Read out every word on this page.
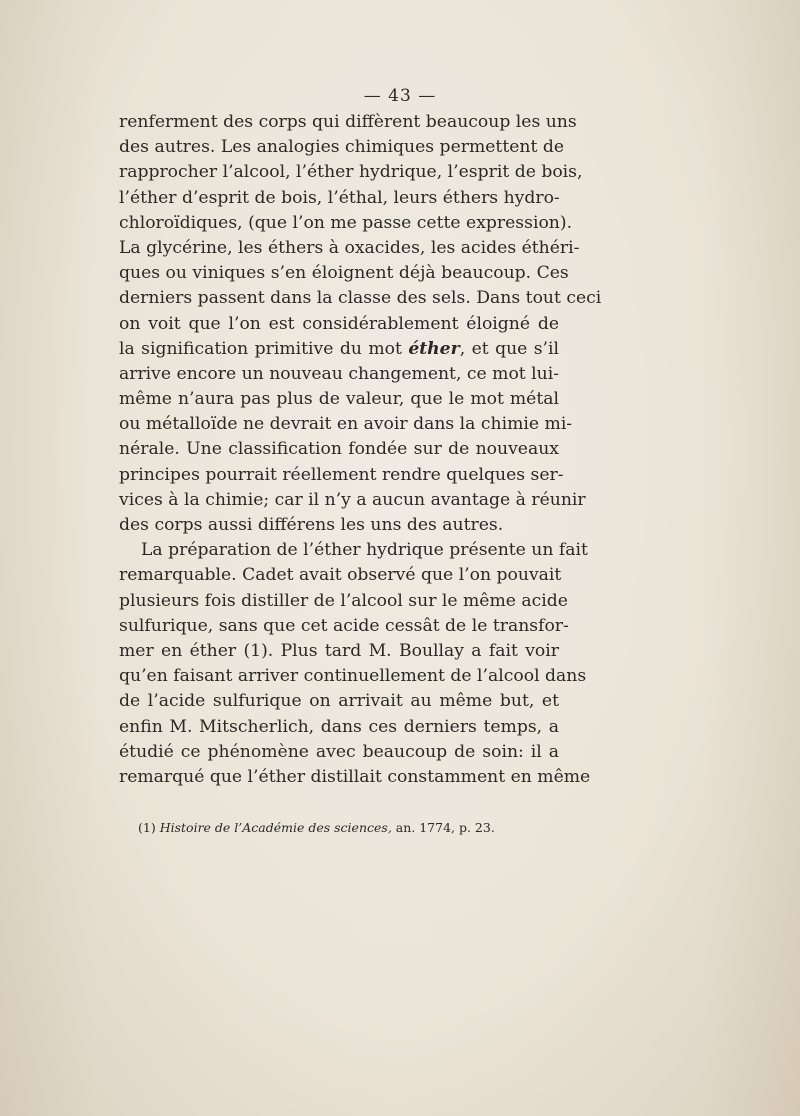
— 43 —
renferment des corps qui diffèrent beaucoup les uns
des autres. Les analogies chimiques permettent de
rapprocher l’alcool, l’éther hydrique, l’esprit de bois,
l’éther d’esprit de bois, l’éthal, leurs éthers hydro-
chloroïdiques, (que l’on me passe cette expression).
La glycérine, les éthers à oxacides, les acides éthéri-
ques ou viniques s’en éloignent déjà beaucoup. Ces
derniers passent dans la classe des sels. Dans tout ceci
on voit que l’on est considérablement éloigné de
la signification primitive du mot éther, et que s’il
arrive encore un nouveau changement, ce mot lui-
même n’aura pas plus de valeur, que le mot métal
ou métalloïde ne devrait en avoir dans la chimie mi-
nérale. Une classification fondée sur de nouveaux
principes pourrait réellement rendre quelques ser-
vices à la chimie; car il n’y a aucun avantage à réunir
des corps aussi différens les uns des autres.
La préparation de l’éther hydrique présente un fait
remarquable. Cadet avait observé que l’on pouvait
plusieurs fois distiller de l’alcool sur le même acide
sulfurique, sans que cet acide cessât de le transfor-
mer en éther (1). Plus tard M. Boullay a fait voir
qu’en faisant arriver continuellement de l’alcool dans
de l’acide sulfurique on arrivait au même but, et
enfin M. Mitscherlich, dans ces derniers temps, a
étudié ce phénomène avec beaucoup de soin: il a
remarqué que l’éther distillait constamment en même
(1) Histoire de l’Académie des sciences, an. 1774, p. 23.
